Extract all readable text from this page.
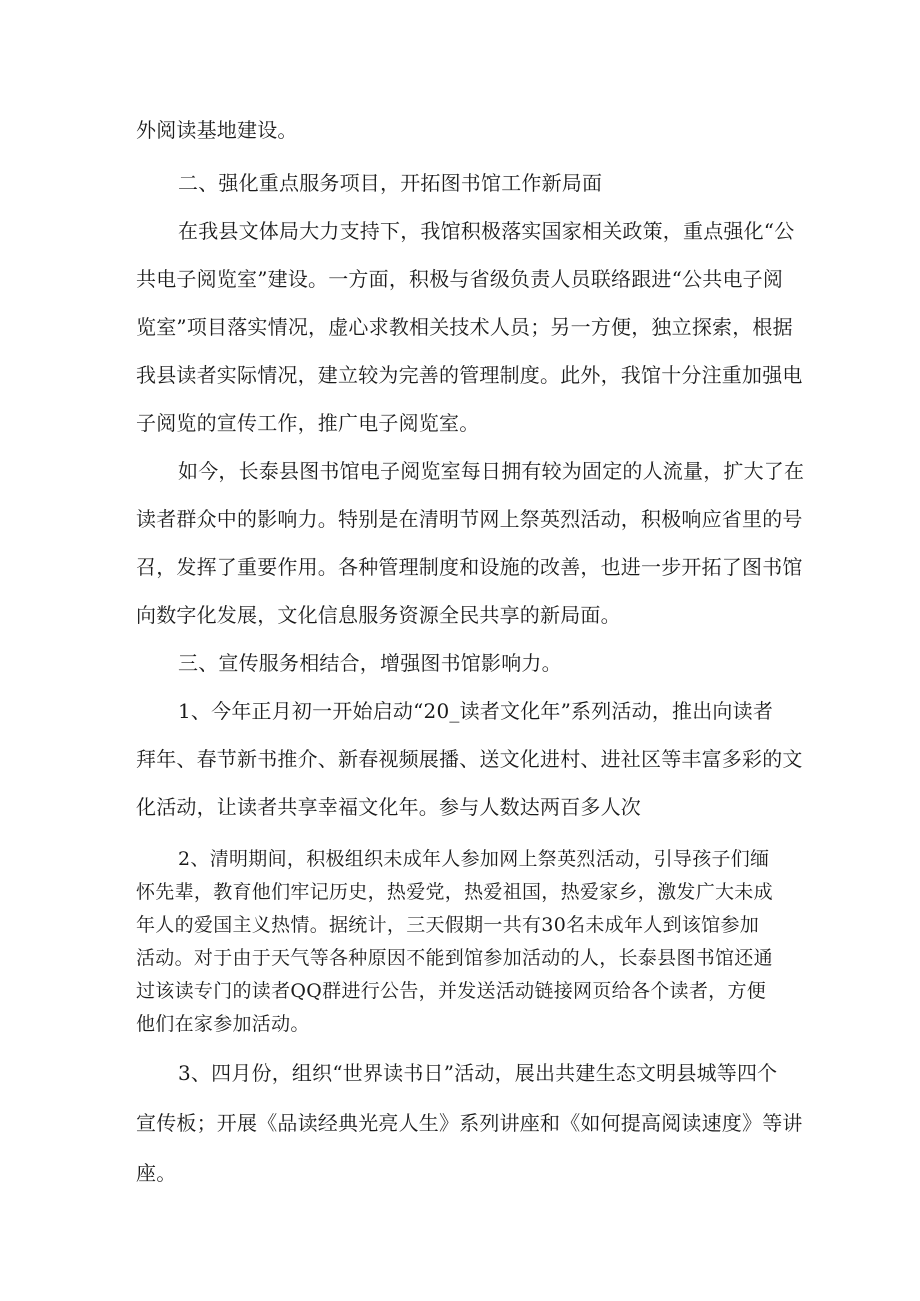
外阅读基地建设。
二、强化重点服务项目，开拓图书馆工作新局面
在我县文体局大力支持下，我馆积极落实国家相关政策，重点强化“公
共电子阅览室”建设。一方面，积极与省级负责人员联络跟进“公共电子阅
览室”项目落实情况，虚心求教相关技术人员；另一方便，独立探索，根据
我县读者实际情况，建立较为完善的管理制度。此外，我馆十分注重加强电
子阅览的宣传工作，推广电子阅览室。
如今，长泰县图书馆电子阅览室每日拥有较为固定的人流量，扩大了在
读者群众中的影响力。特别是在清明节网上祭英烈活动，积极响应省里的号
召，发挥了重要作用。各种管理制度和设施的改善，也进一步开拓了图书馆
向数字化发展，文化信息服务资源全民共享的新局面。
三、宣传服务相结合，增强图书馆影响力。
1、今年正月初一开始启动“20_读者文化年”系列活动，推出向读者
拜年、春节新书推介、新春视频展播、送文化进村、进社区等丰富多彩的文
化活动，让读者共享幸福文化年。参与人数达两百多人次
2、清明期间，积极组织未成年人参加网上祭英烈活动，引导孩子们缅
怀先辈，教育他们牢记历史，热爱党，热爱祖国，热爱家乡，激发广大未成
年人的爱国主义热情。据统计，三天假期一共有30名未成年人到该馆参加
活动。对于由于天气等各种原因不能到馆参加活动的人，长泰县图书馆还通
过该读专门的读者QQ群进行公告，并发送活动链接网页给各个读者，方便
他们在家参加活动。
3、四月份，组织“世界读书日”活动，展出共建生态文明县城等四个
宣传板；开展《品读经典光亮人生》系列讲座和《如何提高阅读速度》等讲
座。
